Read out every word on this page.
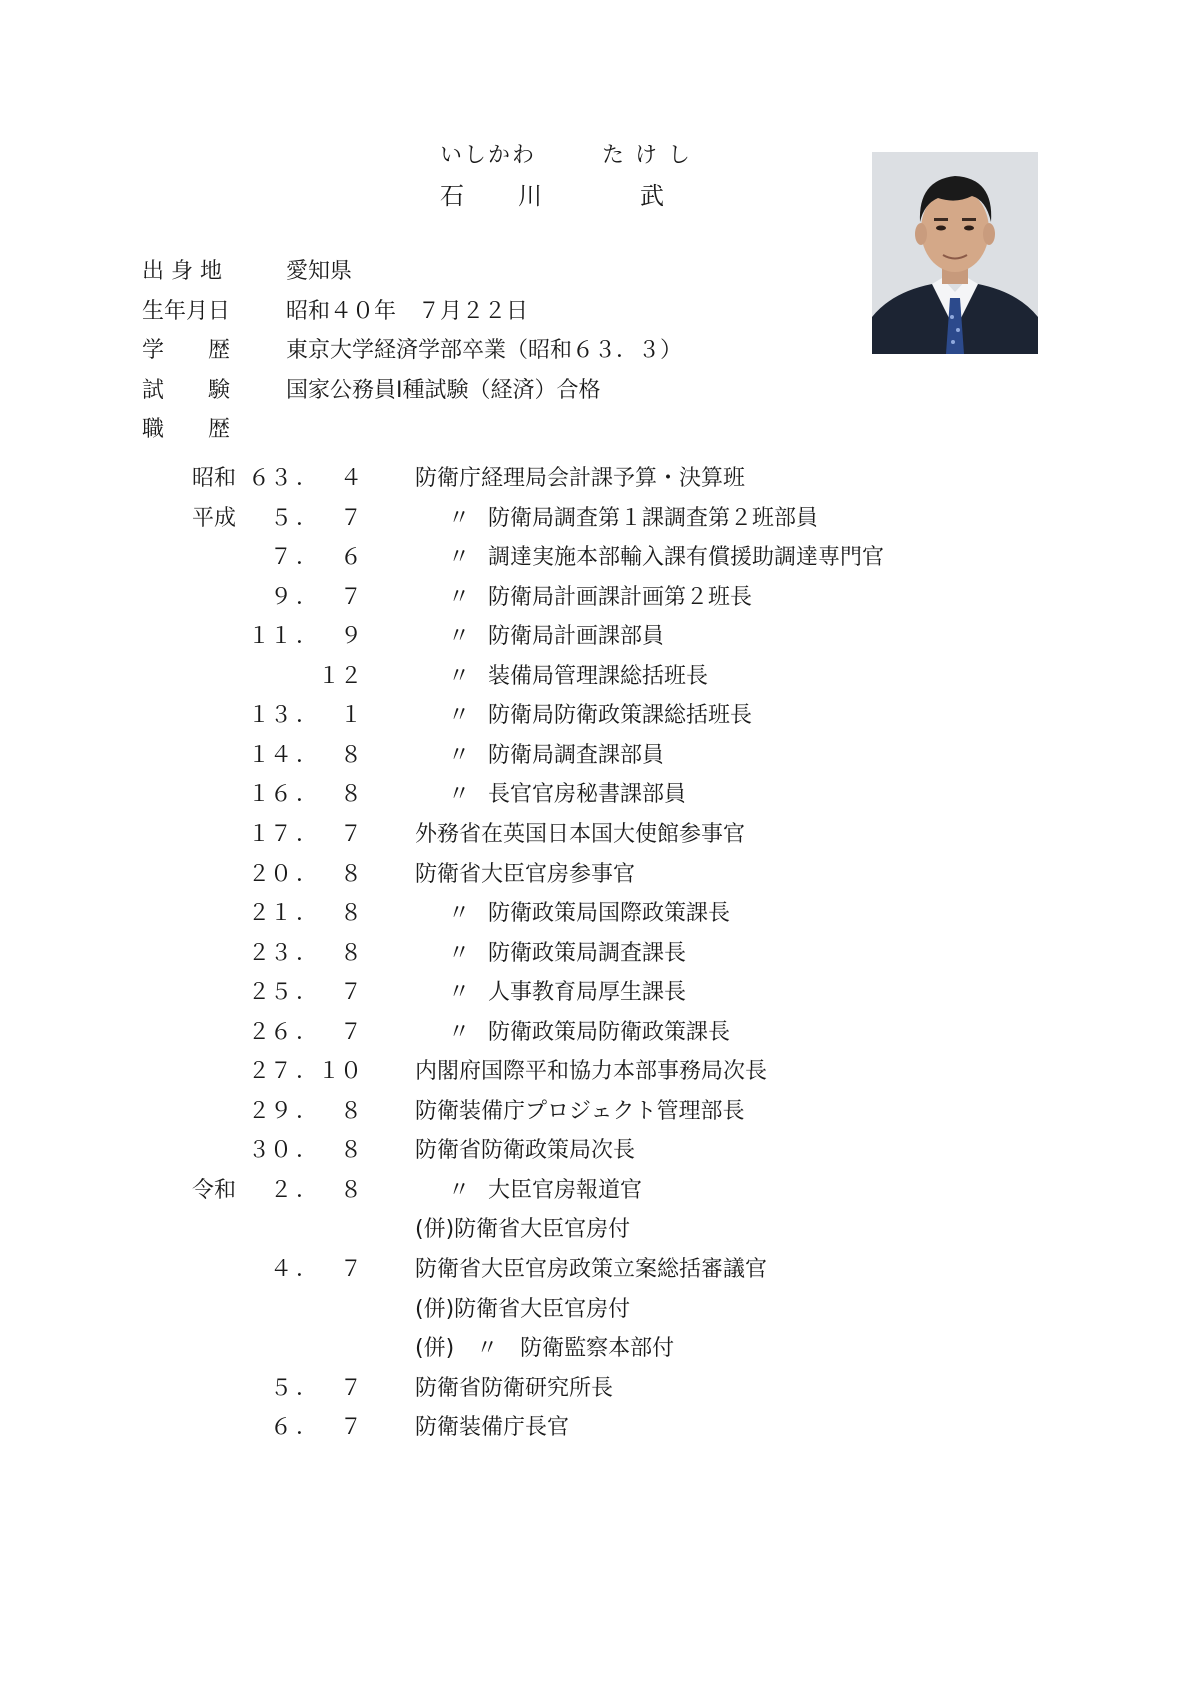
いしかわ	た け し
石　　川	武
出 身 地	愛知県
生年月日	昭和４０年　７月２２日
学　　歴	東京大学経済学部卒業（昭和６３．３）
試　　験	国家公務員Ⅰ種試験（経済）合格
職　　歴
昭和 ６３ ． ４ 防衛庁経理局会計課予算・決算班
平成 ５ ． ７	〃 防衛局調査第１課調査第２班部員
７ ． ６	〃 調達実施本部輸入課有償援助調達専門官
９ ． ７	〃 防衛局計画課計画第２班長
１１ ． ９	〃 防衛局計画課部員
１２	〃 装備局管理課総括班長
１３ ． １	〃 防衛局防衛政策課総括班長
１４ ． ８	〃 防衛局調査課部員
１６ ． ８	〃 長官官房秘書課部員
１７ ． ７ 外務省在英国日本国大使館参事官
２０ ． ８ 防衛省大臣官房参事官
２１ ． ８	〃 防衛政策局国際政策課長
２３ ． ８	〃 防衛政策局調査課長
２５ ． ７	〃 人事教育局厚生課長
２６ ． ７	〃 防衛政策局防衛政策課長
２７ ． １０ 内閣府国際平和協力本部事務局次長
２９ ． ８ 防衛装備庁プロジェクト管理部長
３０ ． ８ 防衛省防衛政策局次長
令和 ２ ． ８	〃 大臣官房報道官
(併)防衛省大臣官房付
４ ． ７ 防衛省大臣官房政策立案総括審議官
(併)防衛省大臣官房付
(併)　〃　防衛監察本部付
５ ． ７ 防衛省防衛研究所長
６ ． ７ 防衛装備庁長官
